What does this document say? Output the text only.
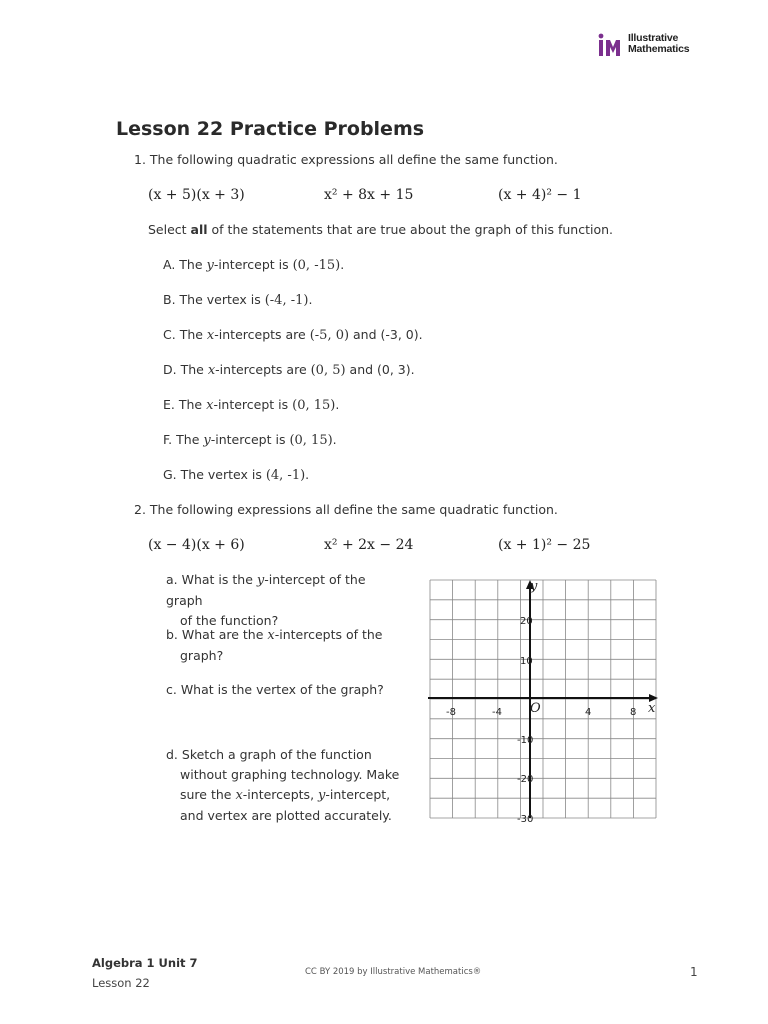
Illustrative
Mathematics
Lesson 22 Practice Problems
1. The following quadratic expressions all define the same function.
(x + 5)(x + 3)	x² + 8x + 15	(x + 4)² − 1
Select all of the statements that are true about the graph of this function.
A. The y-intercept is (0, -15).
B. The vertex is (-4, -1).
C. The x-intercepts are (-5, 0) and (-3, 0).
D. The x-intercepts are (0, 5) and (0, 3).
E. The x-intercept is (0, 15).
F. The y-intercept is (0, 15).
G. The vertex is (4, -1).
2. The following expressions all define the same quadratic function.
(x − 4)(x + 6)	x² + 2x − 24	(x + 1)² − 25
a. What is the y-intercept of the graph
of the function?
b. What are the x-intercepts of the
graph?
c. What is the vertex of the graph?
d. Sketch a graph of the function
without graphing technology. Make
sure the x-intercepts, y-intercept,
and vertex are plotted accurately.
-8	-4	4	8
20
10
-10
-20
-30
O	x
y
Algebra 1 Unit 7
Lesson 22
CC BY 2019 by Illustrative Mathematics®	1
